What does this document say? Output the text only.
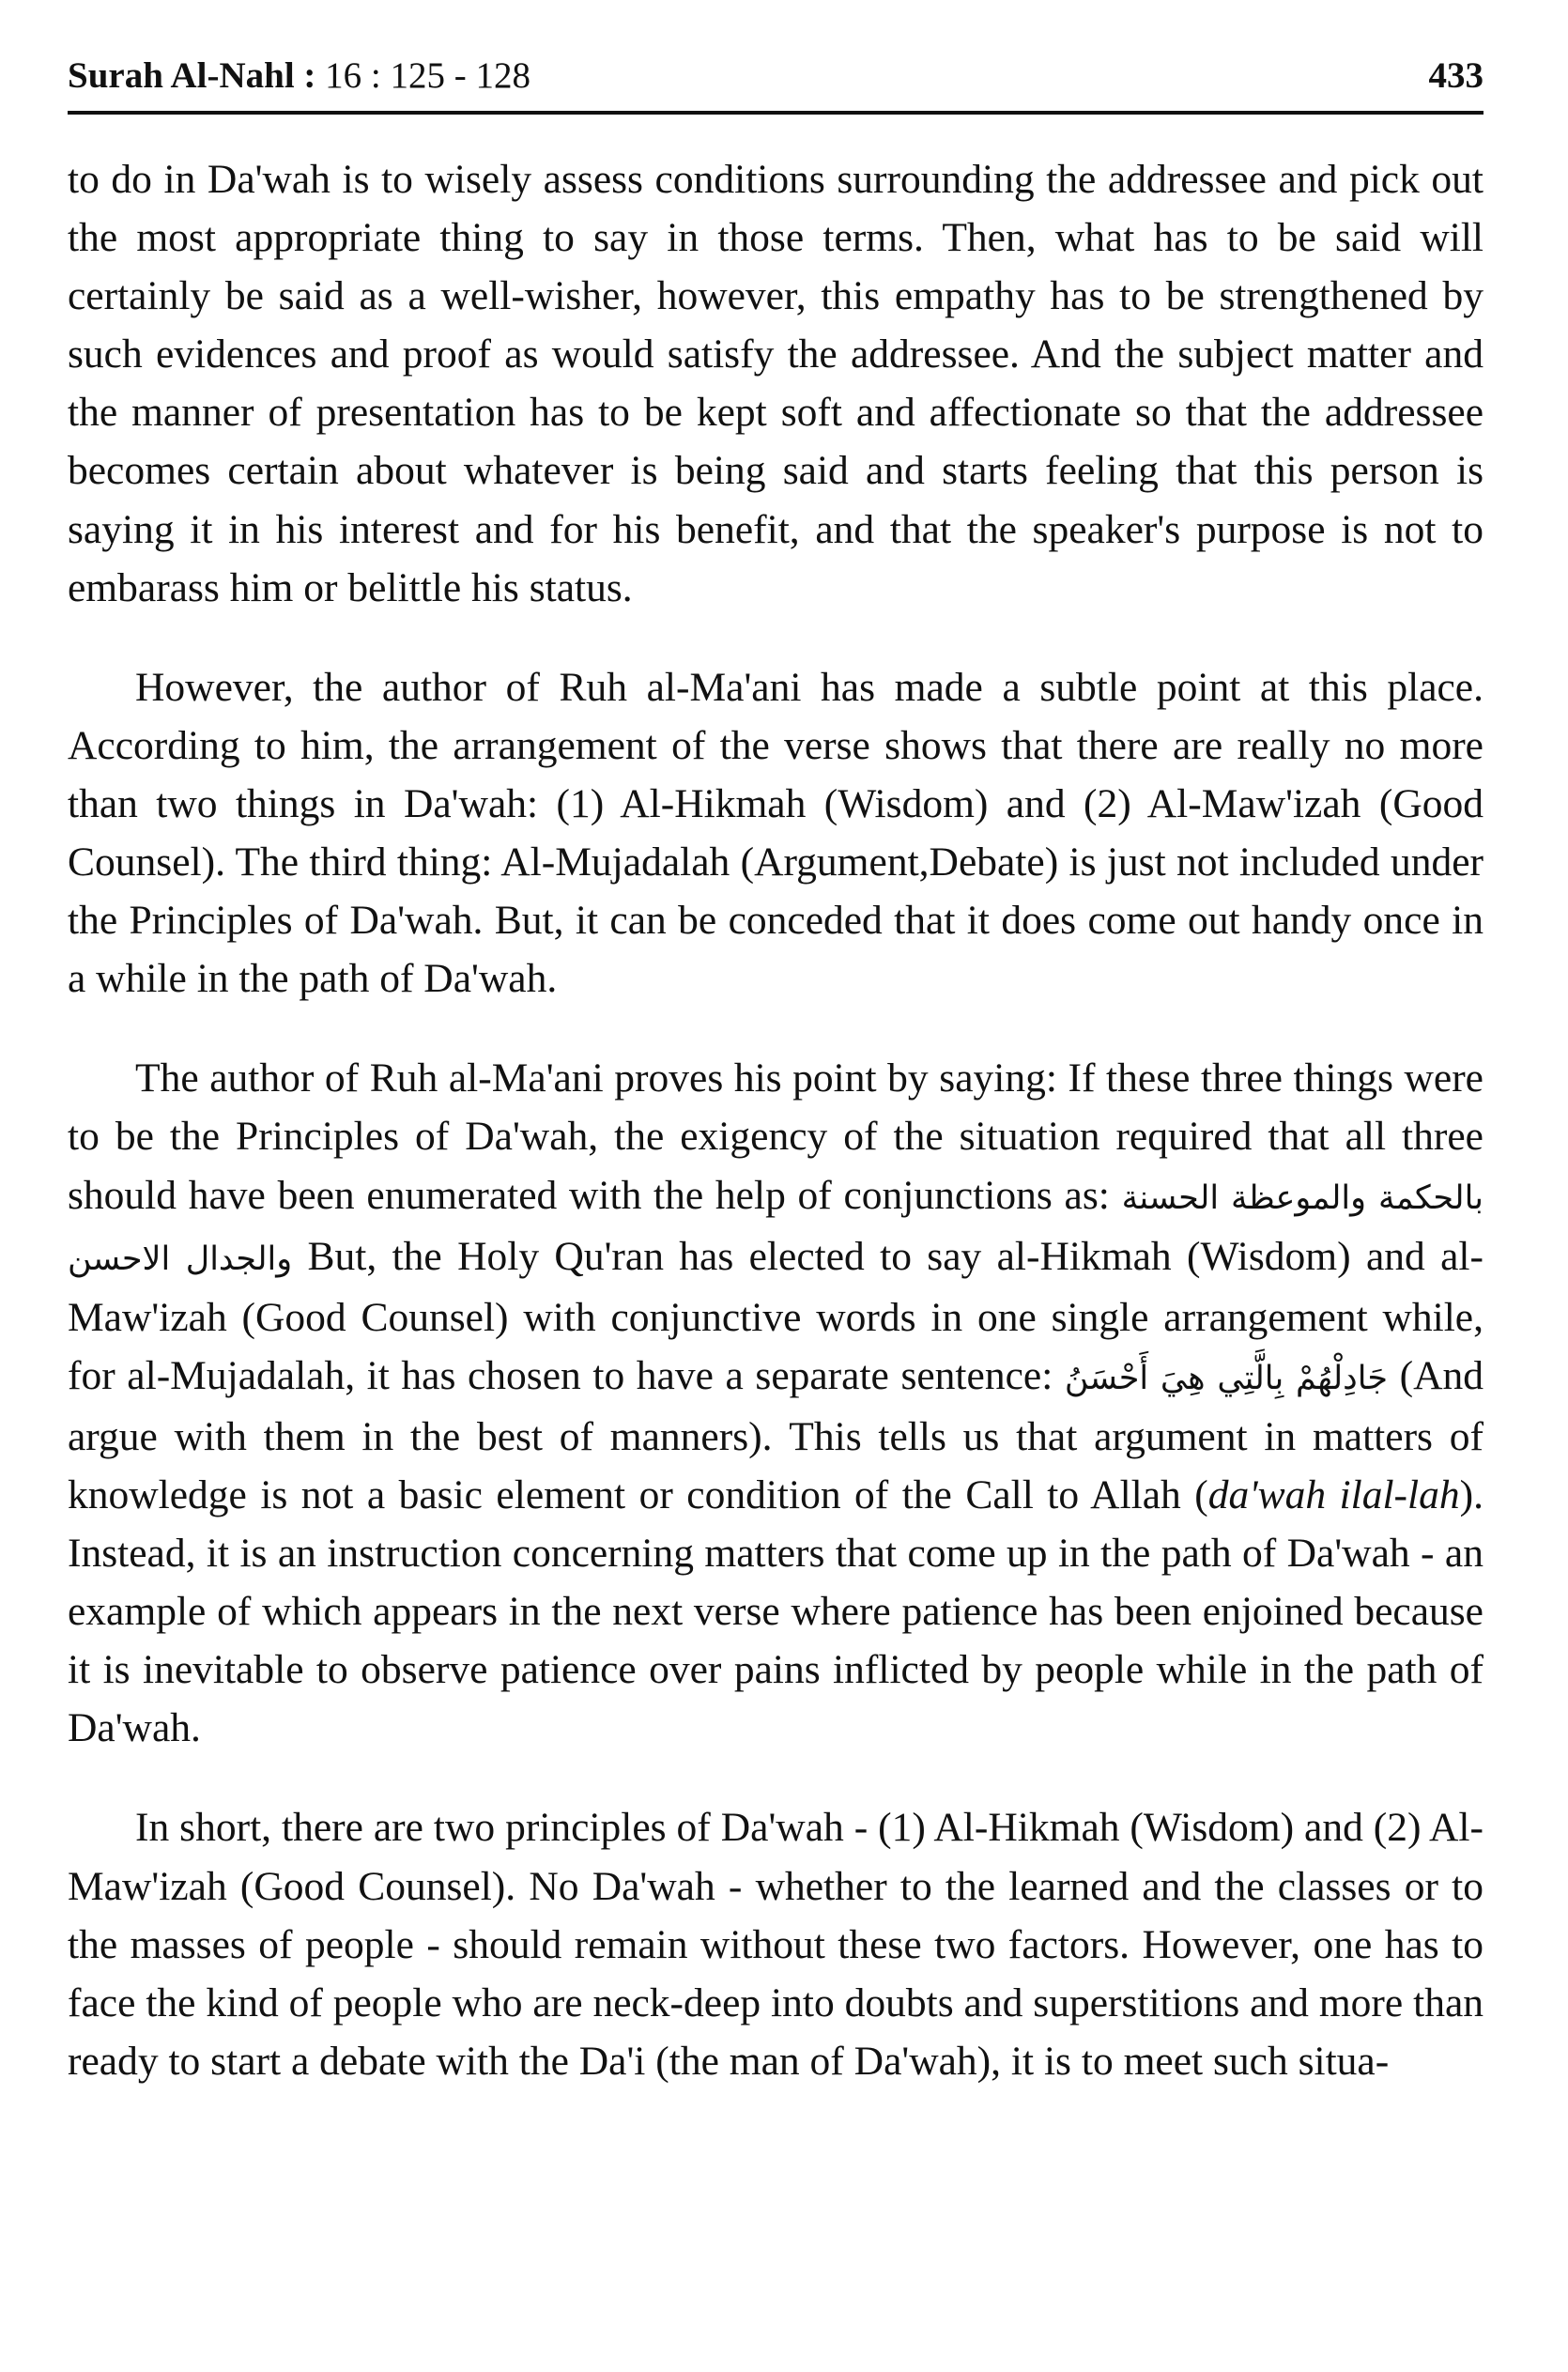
Surah Al-Nahl : 16 : 125 - 128	433

to do in Da'wah is to wisely assess conditions surrounding the addressee and pick out the most appropriate thing to say in those terms. Then, what has to be said will certainly be said as a well-wisher, however, this empathy has to be strengthened by such evidences and proof as would satisfy the addressee. And the subject matter and the manner of presentation has to be kept soft and affectionate so that the addressee becomes certain about whatever is being said and starts feeling that this person is saying it in his interest and for his benefit, and that the speaker's purpose is not to embarass him or belittle his status.

However, the author of Ruh al-Ma'ani has made a subtle point at this place. According to him, the arrangement of the verse shows that there are really no more than two things in Da'wah: (1) Al-Hikmah (Wisdom) and (2) Al-Maw'izah (Good Counsel). The third thing: Al-Mujadalah (Argument,Debate) is just not included under the Principles of Da'wah. But, it can be conceded that it does come out handy once in a while in the path of Da'wah.

The author of Ruh al-Ma'ani proves his point by saying: If these three things were to be the Principles of Da'wah, the exigency of the situation required that all three should have been enumerated with the help of conjunctions as: بالحكمة والموعظة الحسنة والجدال الاحسن But, the Holy Qu'ran has elected to say al-Hikmah (Wisdom) and al-Maw'izah (Good Counsel) with conjunctive words in one single arrangement while, for al-Mujadalah, it has chosen to have a separate sentence: جَادِلْهُمْ بِالَّتِي هِيَ أَحْسَنُ (And argue with them in the best of manners). This tells us that argument in matters of knowledge is not a basic element or condition of the Call to Allah (da'wah ilal-lah). Instead, it is an instruction concerning matters that come up in the path of Da'wah - an example of which appears in the next verse where patience has been enjoined because it is inevitable to observe patience over pains inflicted by people while in the path of Da'wah.

In short, there are two principles of Da'wah - (1) Al-Hikmah (Wisdom) and (2) Al-Maw'izah (Good Counsel). No Da'wah - whether to the learned and the classes or to the masses of people - should remain without these two factors. However, one has to face the kind of people who are neck-deep into doubts and superstitions and more than ready to start a debate with the Da'i (the man of Da'wah), it is to meet such situa-
